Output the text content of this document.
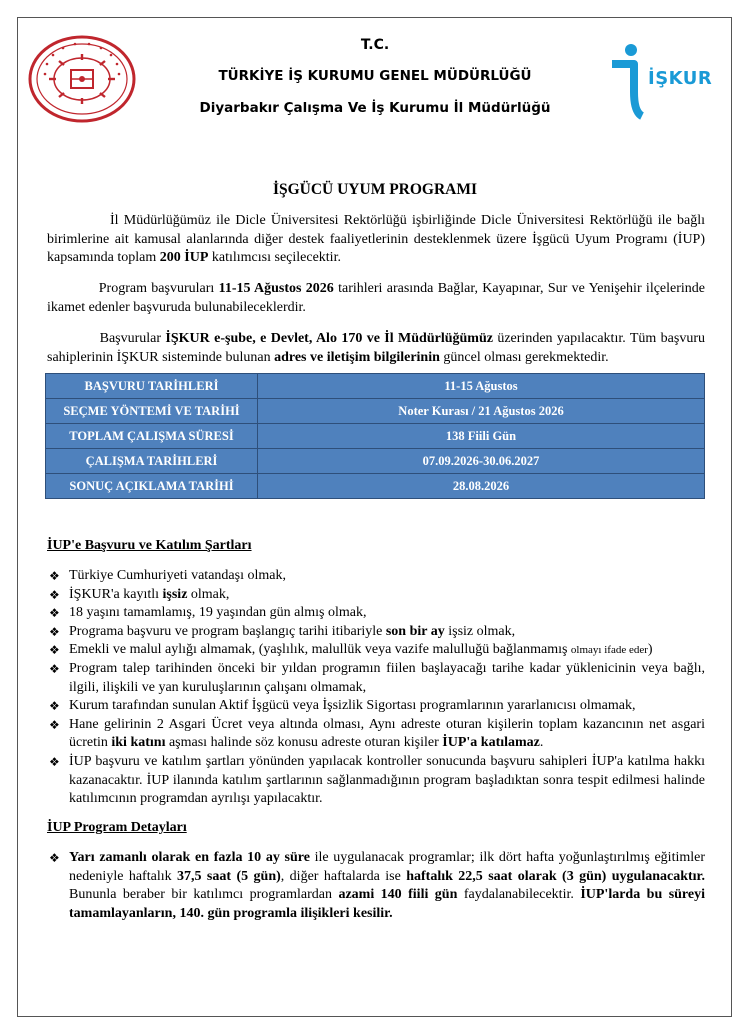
T.C.
TÜRKİYE İŞ KURUMU GENEL MÜDÜRLÜĞÜ
Diyarbakır Çalışma Ve İş Kurumu İl Müdürlüğü
İŞKUR
İŞGÜCÜ UYUM PROGRAMI
İl Müdürlüğümüz ile Dicle Üniversitesi Rektörlüğü işbirliğinde Dicle Üniversitesi Rektörlüğü ile bağlı birimlerine ait kamusal alanlarında diğer destek faaliyetlerinin desteklenmek üzere İşgücü Uyum Programı (İUP) kapsamında toplam 200 İUP katılımcısı seçilecektir.
Program başvuruları 11-15 Ağustos 2026 tarihleri arasında Bağlar, Kayapınar, Sur ve Yenişehir ilçelerinde ikamet edenler başvuruda bulunabileceklerdir.
Başvurular İŞKUR e-şube, e Devlet, Alo 170 ve İl Müdürlüğümüz üzerinden yapılacaktır. Tüm başvuru sahiplerinin İŞKUR sisteminde bulunan adres ve iletişim bilgilerinin güncel olması gerekmektedir.
BAŞVURU TARİHLERİ	11-15 Ağustos
SEÇME YÖNTEMİ VE TARİHİ	Noter Kurası / 21 Ağustos 2026
TOPLAM ÇALIŞMA SÜRESİ	138 Fiili Gün
ÇALIŞMA TARİHLERİ	07.09.2026-30.06.2027
SONUÇ AÇIKLAMA TARİHİ	28.08.2026
İUP'e Başvuru ve Katılım Şartları
❖ Türkiye Cumhuriyeti vatandaşı olmak,
❖ İŞKUR'a kayıtlı işsiz olmak,
❖ 18 yaşını tamamlamış, 19 yaşından gün almış olmak,
❖ Programa başvuru ve program başlangıç tarihi itibariyle son bir ay işsiz olmak,
❖ Emekli ve malul aylığı almamak, (yaşlılık, malullük veya vazife malulluğü bağlanmamış olmayı ifade eder)
❖ Program talep tarihinden önceki bir yıldan programın fiilen başlayacağı tarihe kadar yüklenicinin veya bağlı, ilgili, ilişkili ve yan kuruluşlarının çalışanı olmamak,
❖ Kurum tarafından sunulan Aktif İşgücü veya İşsizlik Sigortası programlarının yararlanıcısı olmamak,
❖ Hane gelirinin 2 Asgari Ücret veya altında olması, Aynı adreste oturan kişilerin toplam kazancının net asgari ücretin iki katını aşması halinde söz konusu adreste oturan kişiler İUP'a katılamaz.
❖ İUP başvuru ve katılım şartları yönünden yapılacak kontroller sonucunda başvuru sahipleri İUP'a katılma hakkı kazanacaktır. İUP ilanında katılım şartlarının sağlanmadığının program başladıktan sonra tespit edilmesi halinde katılımcının programdan ayrılışı yapılacaktır.
İUP Program Detayları
❖ Yarı zamanlı olarak en fazla 10 ay süre ile uygulanacak programlar; ilk dört hafta yoğunlaştırılmış eğitimler nedeniyle haftalık 37,5 saat (5 gün), diğer haftalarda ise haftalık 22,5 saat olarak (3 gün) uygulanacaktır. Bununla beraber bir katılımcı programlardan azami 140 fiili gün faydalanabilecektir. İUP'larda bu süreyi tamamlayanların, 140. gün programla ilişikleri kesilir.
